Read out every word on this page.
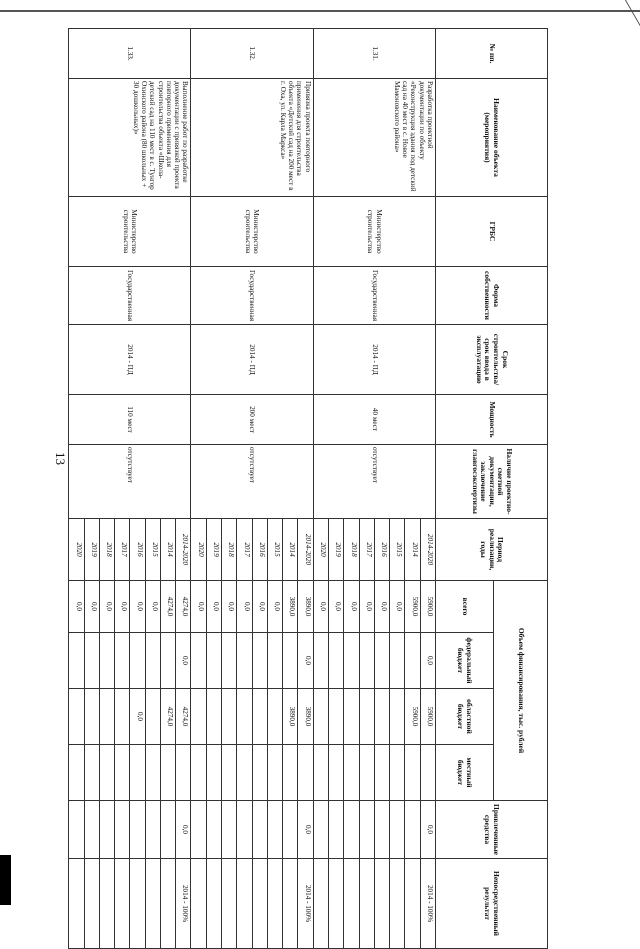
13
№ пп.	Наименование объекта (мероприятия)	ГРБС	Форма собственности	Срок строительства/срок ввода в эксплуатацию	Мощность	Наличие проектно-сметной документации, заключение главгосэкспертизы	Период реализации, годы	Объем финансирования, тыс. рублей				Привлеченные средства	Непосредственный результат
								всего	федеральный бюджет	областной бюджет	местный бюджет		
1.31.	Разработка проектной документации по объекту «Реконструкция здания под детский сад на 40 мест в с. Новое Мамоновского района»	Министерство строительства	Государственная	2014 - ПД	40 мест	отсутствует	2014-2020	5900,0	0,0	5900,0		0,0	2014 - 100%
							2014	5900,0		5900,0			
							2015	0,0					
							2016	0,0					
							2017	0,0					
							2018	0,0					
							2019	0,0					
							2020	0,0					
1.32.	Привязка проекта повторного применения для строительства объекта «Детский сад на 200 мест в г. Оха, ул. Карла Маркса»	Министерство строительства	Государственная	2014 - ПД	200 мест	отсутствует	2014-2020	3890,0	0,0	3890,0		0,0	2014 - 100%
							2014	3890,0		3890,0			
							2015	0,0					
							2016	0,0					
							2017	0,0					
							2018	0,0					
							2019	0,0					
							2020	0,0					
1.33.	Выполнение работ по разработке документации с привязкой проекта повторного применения для строительства объекта «Школа-детский сад на 110 мест в с. Тунгор Охинского района (80 школьных + 30 дошкольных)»	Министерство строительства	Государственная	2014 - ПД	110 мест	отсутствует	2014-2020	4274,0	0,0	4274,0		0,0	2014 - 100%
							2014	4274,0		4274,0			
							2015	0,0					
							2016	0,0		0,0			
							2017	0,0					
							2018	0,0					
							2019	0,0					
							2020	0,0					
